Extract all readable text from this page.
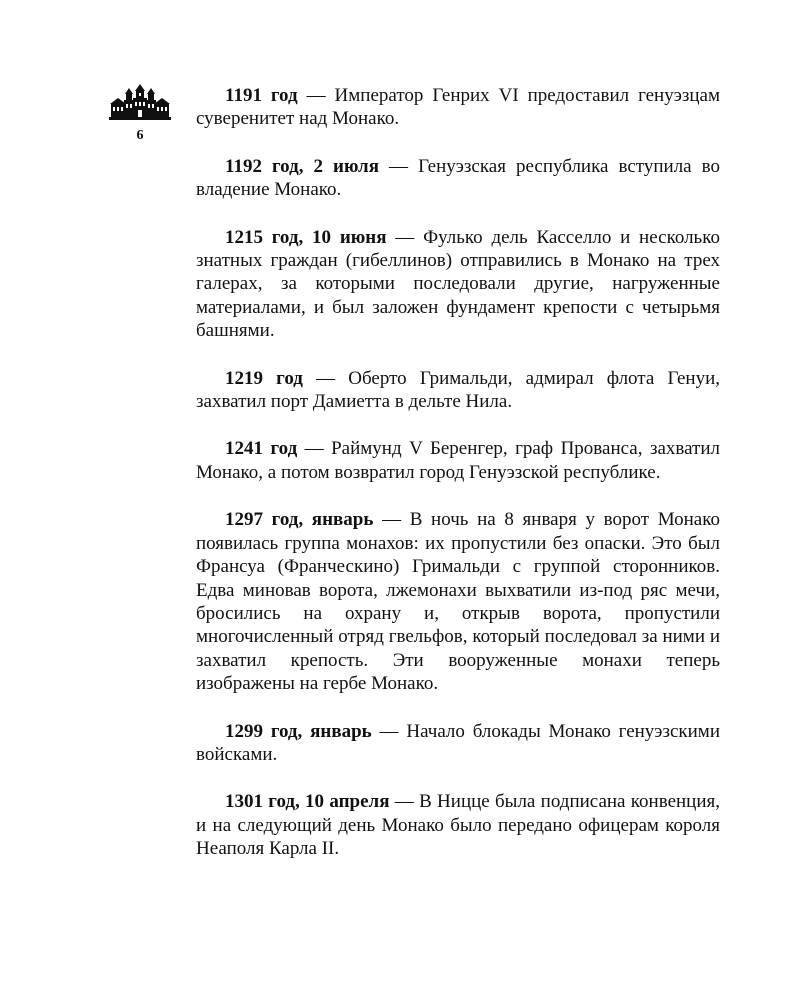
6

1191 год — Император Генрих VI предоставил генуэзцам суверенитет над Монако.

1192 год, 2 июля — Генуэзская республика вступила во владение Монако.

1215 год, 10 июня — Фулько дель Касселло и несколько знатных граждан (гибеллинов) отправились в Монако на трех галерах, за которыми последовали другие, нагруженные материалами, и был заложен фундамент крепости с четырьмя башнями.

1219 год — Оберто Гримальди, адмирал флота Генуи, захватил порт Дамиетта в дельте Нила.

1241 год — Раймунд V Беренгер, граф Прованса, захватил Монако, а потом возвратил город Генуэзской республике.

1297 год, январь — В ночь на 8 января у ворот Монако появилась группа монахов: их пропустили без опаски. Это был Франсуа (Франческино) Гримальди с группой сторонников. Едва миновав ворота, лжемонахи выхватили из-под ряс мечи, бросились на охрану и, открыв ворота, пропустили многочисленный отряд гвельфов, который последовал за ними и захватил крепость. Эти вооруженные монахи теперь изображены на гербе Монако.

1299 год, январь — Начало блокады Монако генуэзскими войсками.

1301 год, 10 апреля — В Ницце была подписана конвенция, и на следующий день Монако было передано офицерам короля Неаполя Карла II.
